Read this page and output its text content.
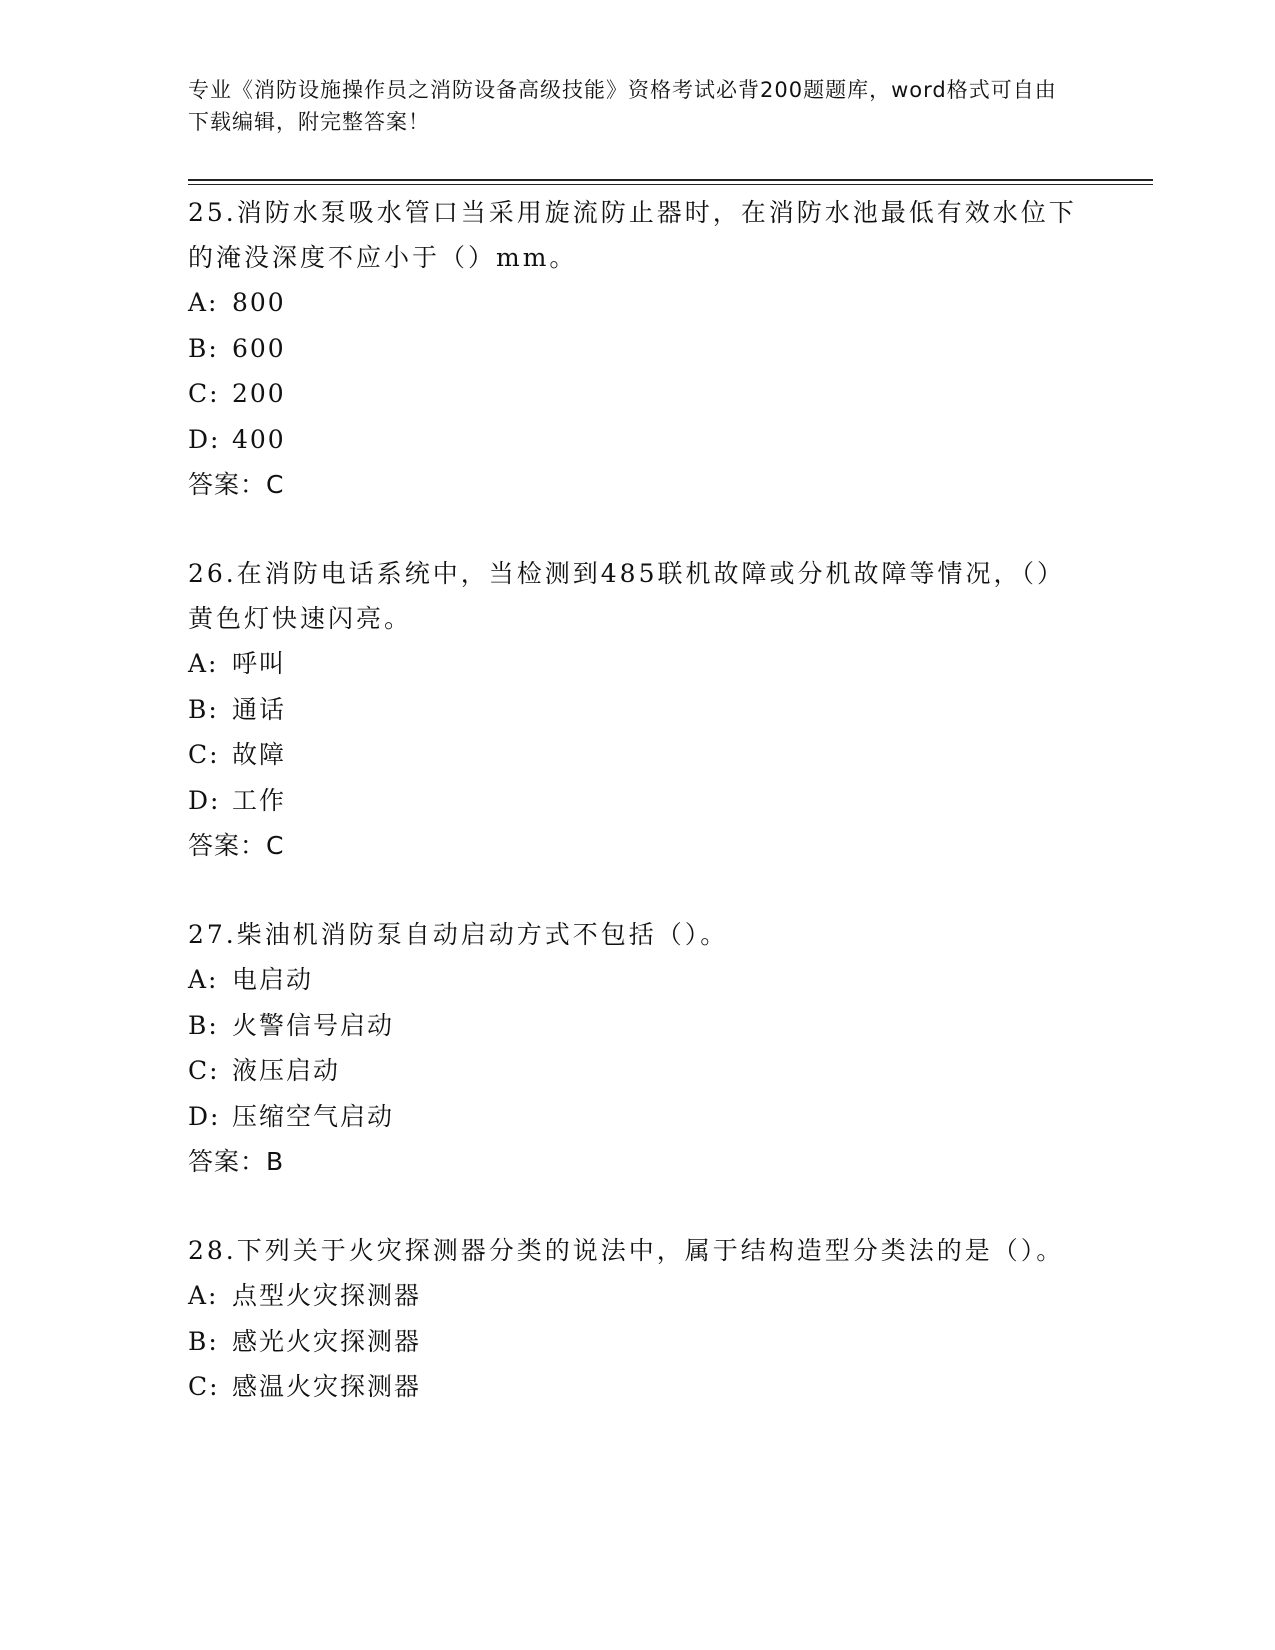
专业《消防设施操作员之消防设备高级技能》资格考试必背200题题库，word格式可自由下载编辑，附完整答案！
25.消防水泵吸水管口当采用旋流防止器时，在消防水池最低有效水位下的淹没深度不应小于（）mm。
A: 800
B: 600
C: 200
D: 400
答案：C
26.在消防电话系统中，当检测到485联机故障或分机故障等情况，（）黄色灯快速闪亮。
A: 呼叫
B: 通话
C: 故障
D: 工作
答案：C
27.柴油机消防泵自动启动方式不包括（）。
A: 电启动
B: 火警信号启动
C: 液压启动
D: 压缩空气启动
答案：B
28.下列关于火灾探测器分类的说法中，属于结构造型分类法的是（）。
A: 点型火灾探测器
B: 感光火灾探测器
C: 感温火灾探测器
